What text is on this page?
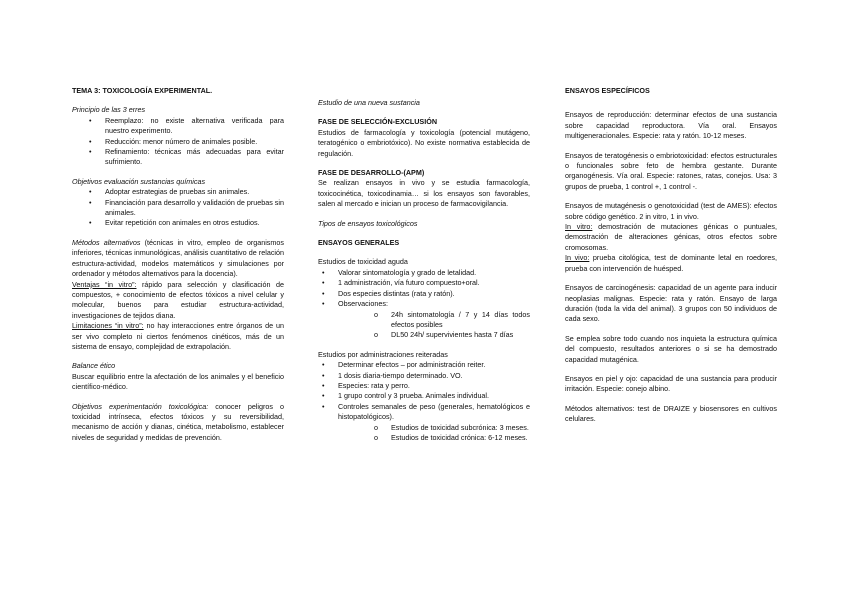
TEMA 3: TOXICOLOGÍA EXPERIMENTAL.

Principio de las 3 erres

• Reemplazo: no existe alternativa verificada para nuestro experimento.
• Reducción: menor número de animales posible.
• Refinamiento: técnicas más adecuadas para evitar sufrimiento.

Objetivos evaluación sustancias químicas

• Adoptar estrategias de pruebas sin animales.
• Financiación para desarrollo y validación de pruebas sin animales.
• Evitar repetición con animales en otros estudios.

Métodos alternativos (técnicas in vitro, empleo de organismos inferiores, técnicas inmunológicas, análisis cuantitativo de relación estructura-actividad, modelos matemáticos y simulaciones por ordenador y métodos alternativos para la docencia).

Ventajas “in vitro”: rápido para selección y clasificación de compuestos, + conocimiento de efectos tóxicos a nivel celular y molecular, buenos para estudiar estructura-actividad, investigaciones de tejidos diana.

Limitaciones “in vitro”: no hay interacciones entre órganos de un ser vivo completo ni ciertos fenómenos cinéticos, más de un sistema de ensayo, complejidad de extrapolación.

Balance ético

Buscar equilibrio entre la afectación de los animales y el beneficio científico-médico.

Objetivos experimentación toxicológica: conocer peligros o toxicidad intrínseca, efectos tóxicos y su reversibilidad, mecanismo de acción y dianas, cinética, metabolismo, establecer niveles de seguridad y medidas de prevención.

Estudio de una nueva sustancia

FASE DE SELECCIÓN-EXCLUSIÓN

Estudios de farmacología y toxicología (potencial mutágeno, teratogénico o embriotóxico). No existe normativa establecida de regulación.

FASE DE DESARROLLO-(APM)

Se realizan ensayos in vivo y se estudia farmacología, toxicocinética, toxicodinamia… si los ensayos son favorables, salen al mercado e inician un proceso de farmacovigilancia.

Tipos de ensayos toxicológicos

ENSAYOS GENERALES

Estudios de toxicidad aguda

• Valorar sintomatología y grado de letalidad.
• 1 administración, vía futuro compuesto+oral.
• Dos especies distintas (rata y ratón).
• Observaciones:
o 24h sintomatología / 7 y 14 días todos efectos posibles
o DL50 24h/ supervivientes hasta 7 días

Estudios por administraciones reiteradas

• Determinar efectos – por administración reiter.
• 1 dosis diaria-tiempo determinado. VO.
• Especies: rata y perro.
• 1 grupo control y 3 prueba. Animales individual.
• Controles semanales de peso (generales, hematológicos e histopatológicos).
o Estudios de toxicidad subcrónica: 3 meses.
o Estudios de toxicidad crónica: 6-12 meses.

ENSAYOS ESPECÍFICOS

Ensayos de reproducción: determinar efectos de una sustancia sobre capacidad reproductora. Vía oral. Ensayos multigeneracionales. Especie: rata y ratón. 10-12 meses.

Ensayos de teratogénesis o embriotoxicidad: efectos estructurales o funcionales sobre feto de hembra gestante. Durante organogénesis. Vía oral. Especie: ratones, ratas, conejos. Usa: 3 grupos de prueba, 1 control +, 1 control -.

Ensayos de mutagénesis o genotoxicidad (test de AMES): efectos sobre código genético. 2 in vitro, 1 in vivo.

In vitro: demostración de mutaciones génicas o puntuales, demostración de alteraciones génicas, otros efectos sobre cromosomas.

In vivo: prueba citológica, test de dominante letal en roedores, prueba con intervención de huésped.

Ensayos de carcinogénesis: capacidad de un agente para inducir neoplasias malignas. Especie: rata y ratón. Ensayo de larga duración (toda la vida del animal). 3 grupos con 50 individuos de cada sexo.

Se emplea sobre todo cuando nos inquieta la estructura química del compuesto, resultados anteriores o si se ha demostrado capacidad mutagénica.

Ensayos en piel y ojo: capacidad de una sustancia para producir irritación. Especie: conejo albino.

Métodos alternativos: test de DRAIZE y biosensores en cultivos celulares.
